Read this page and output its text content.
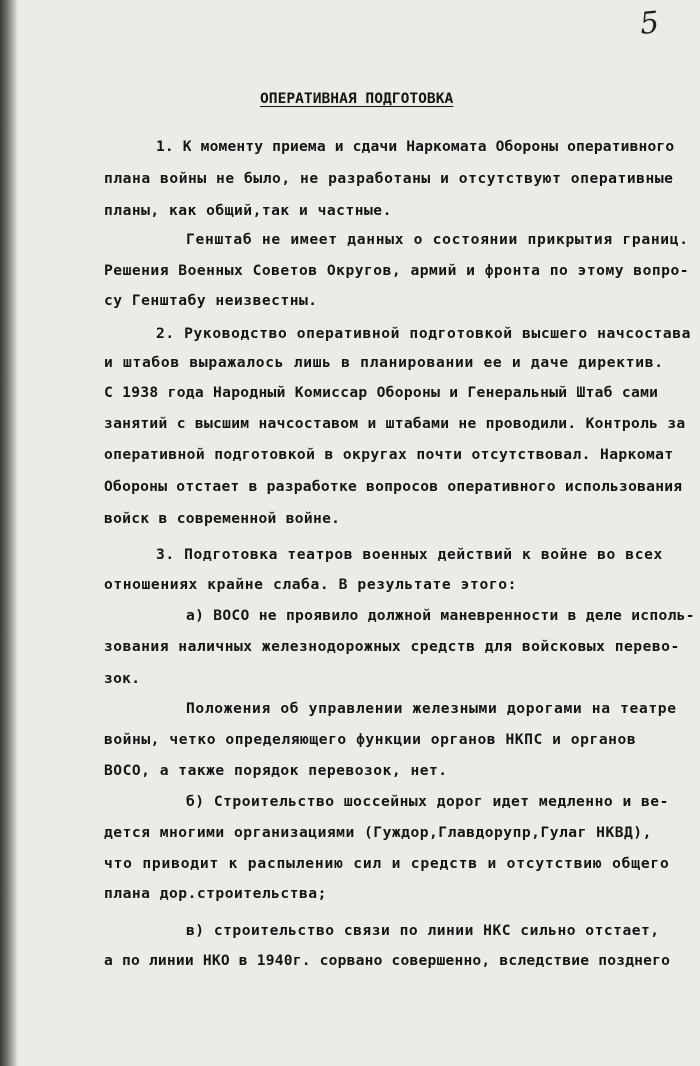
5
ОПЕРАТИВНАЯ ПОДГОТОВКА
1. К моменту приема и сдачи Наркомата Обороны оперативного
плана войны не было, не разработаны и отсутствуют оперативные
планы, как общий,так и частные.
Генштаб не имеет данных о состоянии прикрытия границ.
Решения Военных Советов Округов, армий и фронта по этому вопро-
су Генштабу неизвестны.
2. Руководство оперативной подготовкой высшего начсостава
и штабов выражалось лишь в планировании ее и даче директив.
С 1938 года Народный Комиссар Обороны и Генеральный Штаб сами
занятий с высшим начсоставом и штабами не проводили. Контроль за
оперативной подготовкой в округах почти отсутствовал. Наркомат
Обороны отстает в разработке вопросов оперативного использования
войск в современной войне.
3. Подготовка театров военных действий к войне во всех
отношениях крайне слаба. В результате этого:
а) ВОСО не проявило должной маневренности в деле исполь-
зования наличных железнодорожных средств для войсковых перево-
зок.
Положения об управлении железными дорогами на театре
войны, четко определяющего функции органов НКПС и органов
ВОСО, а также порядок перевозок, нет.
б) Строительство шоссейных дорог идет медленно и ве-
дется многими организациями (Гуждор,Главдорупр,Гулаг НКВД),
что приводит к распылению сил и средств и отсутствию общего
плана дор.строительства;
в) строительство связи по линии НКС сильно отстает,
а по линии НКО в 1940г. сорвано совершенно, вследствие позднего
